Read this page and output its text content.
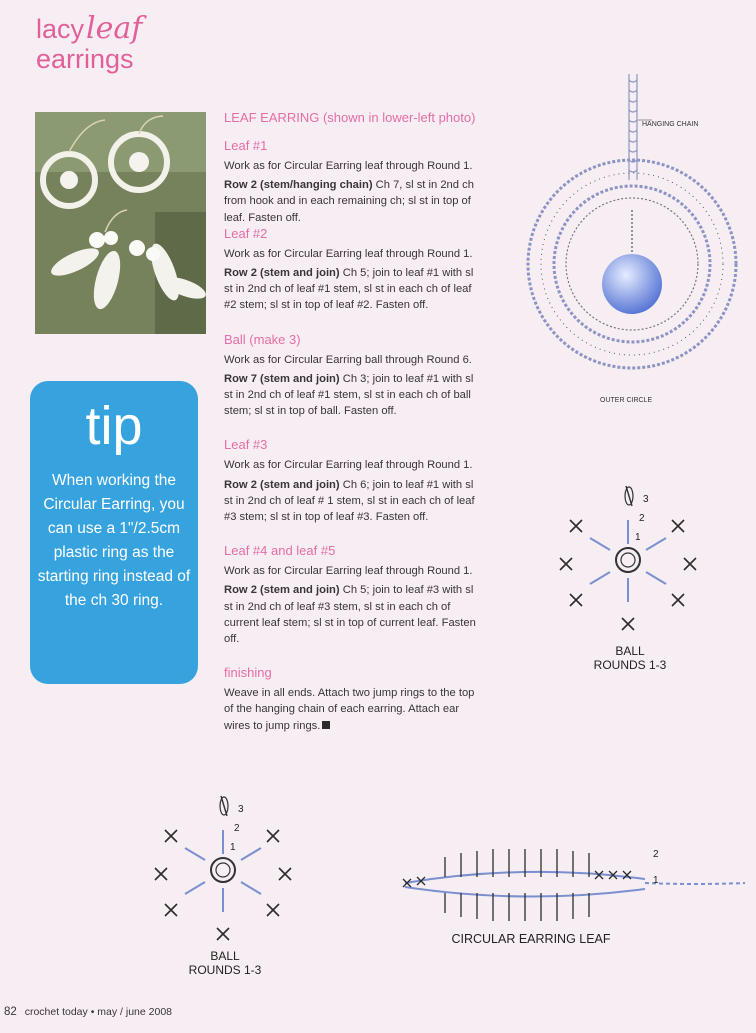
lacyleaf
earrings
tip
When working the Circular Earring, you can use a 1"/2.5cm plastic ring as the starting ring instead of the ch 30 ring.
LEAF EARRING (shown in lower-left photo)
Leaf #1
Work as for Circular Earring leaf through Round 1.
Row 2 (stem/hanging chain) Ch 7, sl st in 2nd ch from hook and in each remaining ch; sl st in top of leaf. Fasten off.
Leaf #2
Work as for Circular Earring leaf through Round 1.
Row 2 (stem and join) Ch 5; join to leaf #1 with sl st in 2nd ch of leaf #1 stem, sl st in each ch of leaf #2 stem; sl st in top of leaf #2. Fasten off.
Ball (make 3)
Work as for Circular Earring ball through Round 6.
Row 7 (stem and join) Ch 3; join to leaf #1 with sl st in 2nd ch of leaf #1 stem, sl st in each ch of ball stem; sl st in top of ball. Fasten off.
Leaf #3
Work as for Circular Earring leaf through Round 1.
Row 2 (stem and join) Ch 6; join to leaf #1 with sl st in 2nd ch of leaf # 1 stem, sl st in each ch of leaf #3 stem; sl st in top of leaf #3. Fasten off.
Leaf #4 and leaf #5
Work as for Circular Earring leaf through Round 1.
Row 2 (stem and join) Ch 5; join to leaf #3 with sl st in 2nd ch of leaf #3 stem, sl st in each ch of current leaf stem; sl st in top of current leaf. Fasten off.
finishing
Weave in all ends. Attach two jump rings to the top of the hanging chain of each earring. Attach ear wires to jump rings.
HANGING CHAIN
OUTER CIRCLE
3
2
1
BALL
ROUNDS 1-3
3
2
1
BALL
ROUNDS 1-3
2
1
CIRCULAR EARRING LEAF
82 crochet today • may / june 2008
